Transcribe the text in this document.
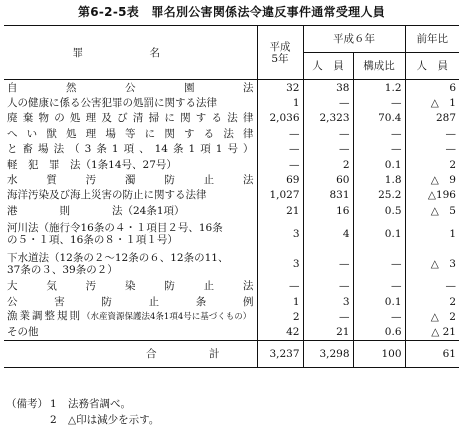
第6-2-5表　罪名別公害関係法令違反事件通常受理人員
罪　名	平成
5年	平成６年		前年比
		人　員	構成比	人　員

自然公園法	32	38	1.2	6

人の健康に係る公害犯罪の処罰に関する法律	1	—	—	△　1

廃棄物の処理及び清掃に関する法律	2,036	2,323	70.4	287

へい獣処理場等に関する法律	—	—	—	—

と畜場法（3条1項、14条1項1号）	—	—	—	—

軽　犯　罪　法（1条14号、27号）	—	2	0.1	2

水質汚濁防止法	69	60	1.8	△　9

海洋汚染及び海上災害の防止に関する法律	1,027	831	25.2	△196

港　　　　則　　　　法（24条1項）	21	16	0.5	△　5

河川法（施行令16条の４・１項目２号、16条
の５・１項、16条の８・１項１号）	3	4	0.1	1

下水道法（12条の２～12条の６、12条の11、
37条の３、39条の２）	3	—	—	△　3

大気汚染防止法	—	—	—	—

公害防止条例	1	3	0.1	2
漁業調整規則（水産資源保護法4条1項4号に基づくもの）	2	—	—	△　2

その他	42	21	0.6	△ 21
合　　　　　計	3,237	3,298	100	61
（備考） 1	法務省調べ。
2	△印は減少を示す。
